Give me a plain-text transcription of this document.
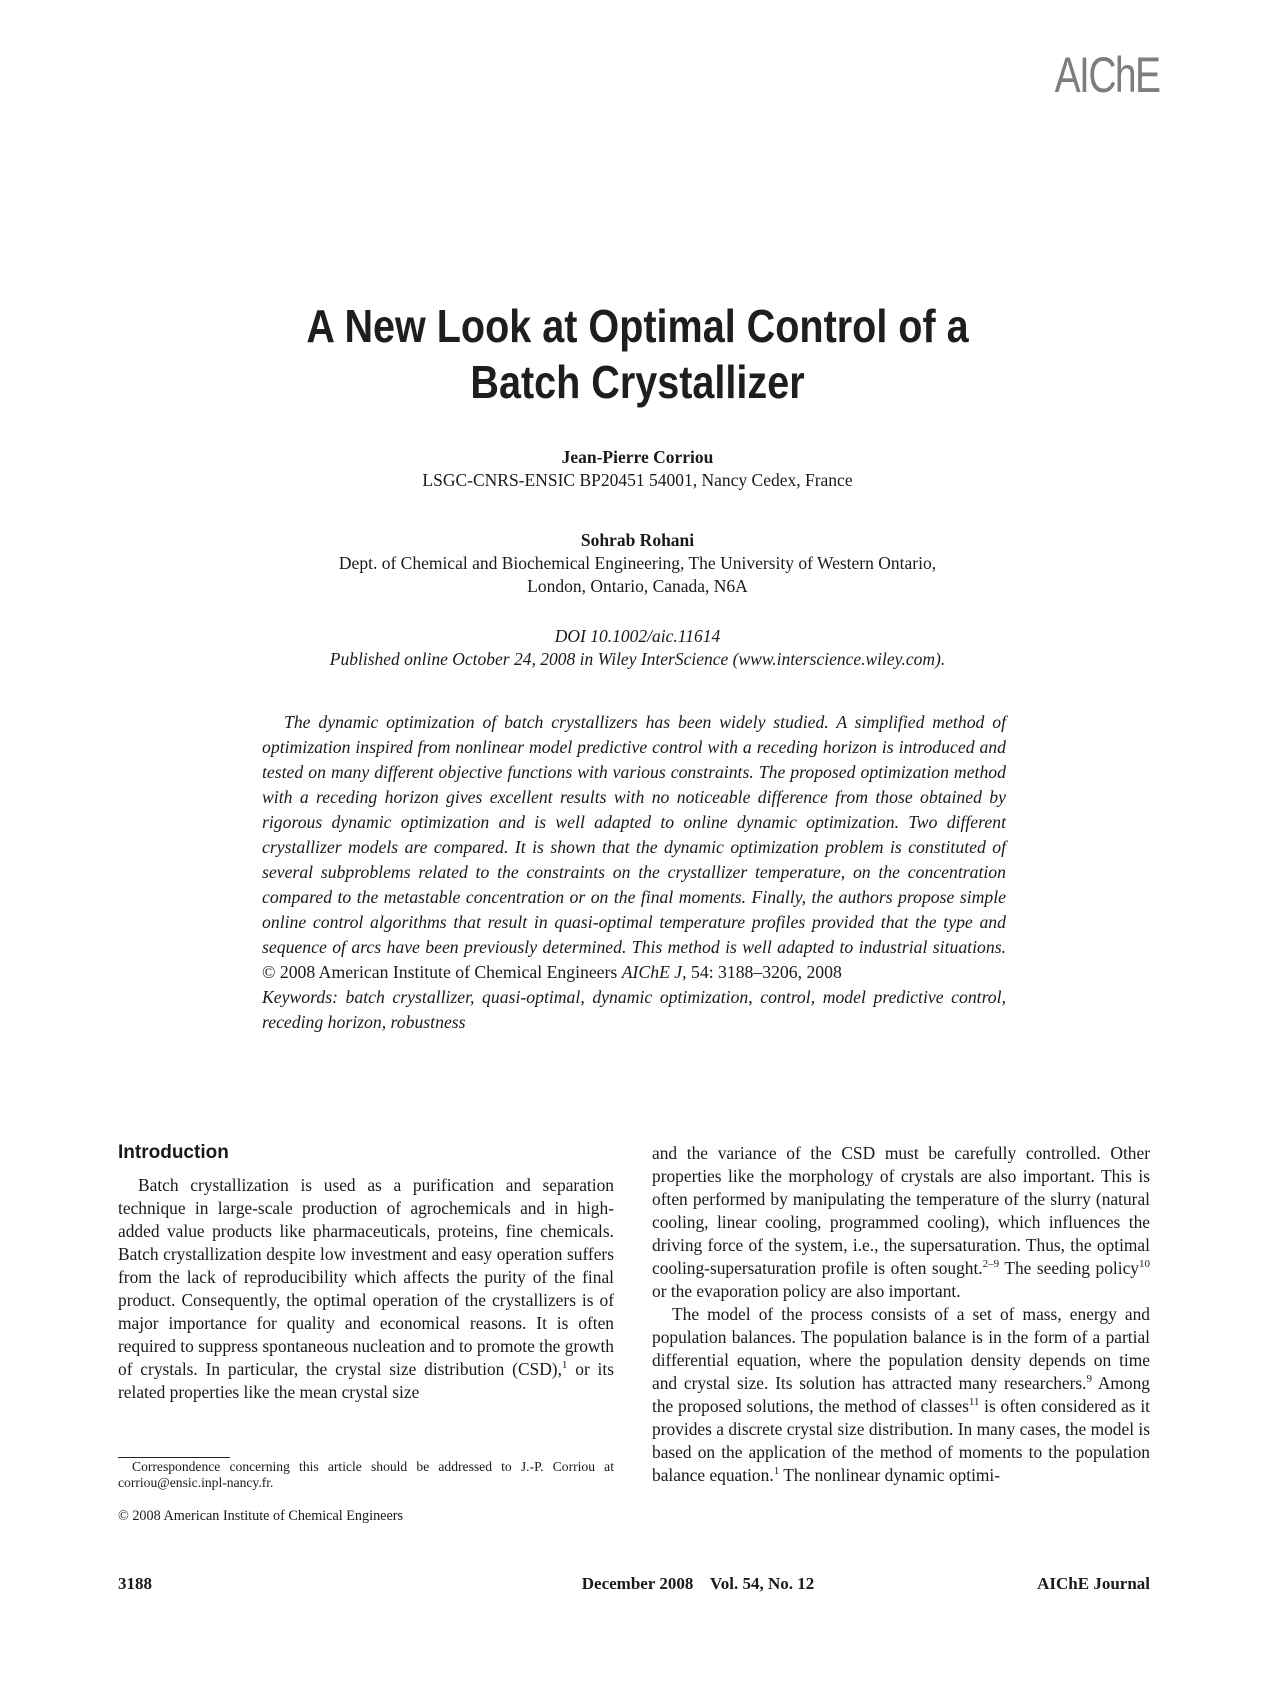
AIChE
A New Look at Optimal Control of a
Batch Crystallizer
Jean-Pierre Corriou
LSGC-CNRS-ENSIC BP20451 54001, Nancy Cedex, France
Sohrab Rohani
Dept. of Chemical and Biochemical Engineering, The University of Western Ontario,
London, Ontario, Canada, N6A
DOI 10.1002/aic.11614
Published online October 24, 2008 in Wiley InterScience (www.interscience.wiley.com).

The dynamic optimization of batch crystallizers has been widely studied. A simplified method of optimization inspired from nonlinear model predictive control with a receding horizon is introduced and tested on many different objective functions with various constraints. The proposed optimization method with a receding horizon gives excellent results with no noticeable difference from those obtained by rigorous dynamic optimization and is well adapted to online dynamic optimization. Two different crystallizer models are compared. It is shown that the dynamic optimization problem is constituted of several subproblems related to the constraints on the crystallizer temperature, on the concentration compared to the metastable concentration or on the final moments. Finally, the authors propose simple online control algorithms that result in quasi-optimal temperature profiles provided that the type and sequence of arcs have been previously determined. This method is well adapted to industrial situations. © 2008 American Institute of Chemical Engineers AIChE J, 54: 3188–3206, 2008

Keywords: batch crystallizer, quasi-optimal, dynamic optimization, control, model predictive control, receding horizon, robustness

Introduction

Batch crystallization is used as a purification and separation technique in large-scale production of agrochemicals and in high-added value products like pharmaceuticals, proteins, fine chemicals. Batch crystallization despite low investment and easy operation suffers from the lack of reproducibility which affects the purity of the final product. Consequently, the optimal operation of the crystallizers is of major importance for quality and economical reasons. It is often required to suppress spontaneous nucleation and to promote the growth of crystals. In particular, the crystal size distribution (CSD),$^1$ or its related properties like the mean crystal size

and the variance of the CSD must be carefully controlled. Other properties like the morphology of crystals are also important. This is often performed by manipulating the temperature of the slurry (natural cooling, linear cooling, programmed cooling), which influences the driving force of the system, i.e., the supersaturation. Thus, the optimal cooling-supersaturation profile is often sought.$^{2-9}$ The seeding policy$^{10}$ or the evaporation policy are also important.

The model of the process consists of a set of mass, energy and population balances. The population balance is in the form of a partial differential equation, where the population density depends on time and crystal size. Its solution has attracted many researchers.$^9$ Among the proposed solutions, the method of classes$^{11}$ is often considered as it provides a discrete crystal size distribution. In many cases, the model is based on the application of the method of moments to the population balance equation.$^1$ The nonlinear dynamic optimi-

Correspondence concerning this article should be addressed to J.-P. Corriou at corriou@ensic.inpl-nancy.fr.

© 2008 American Institute of Chemical Engineers
3188	December 2008    Vol. 54, No. 12	AIChE Journal
